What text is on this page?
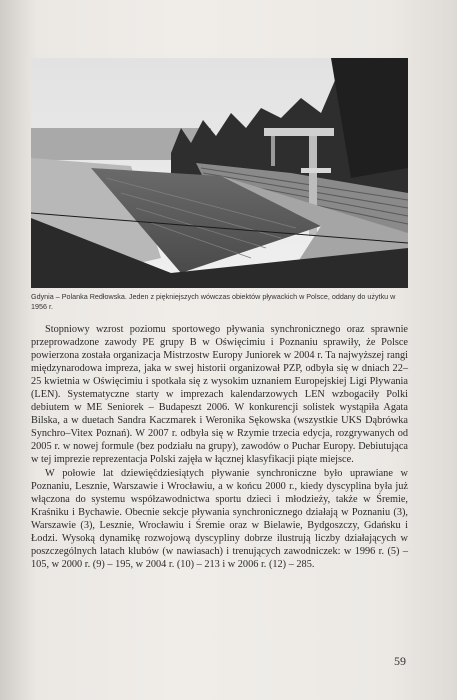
Gdynia – Polanka Redłowska. Jeden z piękniejszych wówczas obiektów pływackich w Polsce, oddany do użytku w 1956 r.

Stopniowy wzrost poziomu sportowego pływania synchronicznego oraz sprawnie przeprowadzone zawody PE grupy B w Oświęcimiu i Poznaniu sprawiły, że Polsce powierzona została organizacja Mistrzostw Europy Juniorek w 2004 r. Ta najwyższej rangi międzynarodowa impreza, jaka w swej historii organizował PZP, odbyła się w dniach 22–25 kwietnia w Oświęcimiu i spotkała się z wysokim uznaniem Europejskiej Ligi Pływania (LEN). Systematyczne starty w imprezach kalendarzowych LEN wzbogaciły Polki debiutem w ME Seniorek – Budapeszt 2006. W konkurencji solistek wystąpiła Agata Bilska, a w duetach Sandra Kaczmarek i Weronika Sękowska (wszystkie UKS Dąbrówka Synchro–Vitex Poznań). W 2007 r. odbyła się w Rzymie trzecia edycja, rozgrywanych od 2005 r. w nowej formule (bez podziału na grupy), zawodów o Puchar Europy. Debiutująca w tej imprezie reprezentacja Polski zajęła w łącznej klasyfikacji piąte miejsce.

W połowie lat dziewięćdziesiątych pływanie synchroniczne było uprawiane w Poznaniu, Lesznie, Warszawie i Wrocławiu, a w końcu 2000 r., kiedy dyscyplina była już włączona do systemu współzawodnictwa sportu dzieci i młodzieży, także w Śremie, Kraśniku i Bychawie. Obecnie sekcje pływania synchronicznego działają w Poznaniu (3), Warszawie (3), Lesznie, Wrocławiu i Śremie oraz w Bielawie, Bydgoszczy, Gdańsku i Łodzi. Wysoką dynamikę rozwojową dyscypliny dobrze ilustrują liczby działających w poszczególnych latach klubów (w nawiasach) i trenujących zawodniczek: w 1996 r. (5) – 105, w 2000 r. (9) – 195, w 2004 r. (10) – 213 i w 2006 r. (12) – 285.

59
